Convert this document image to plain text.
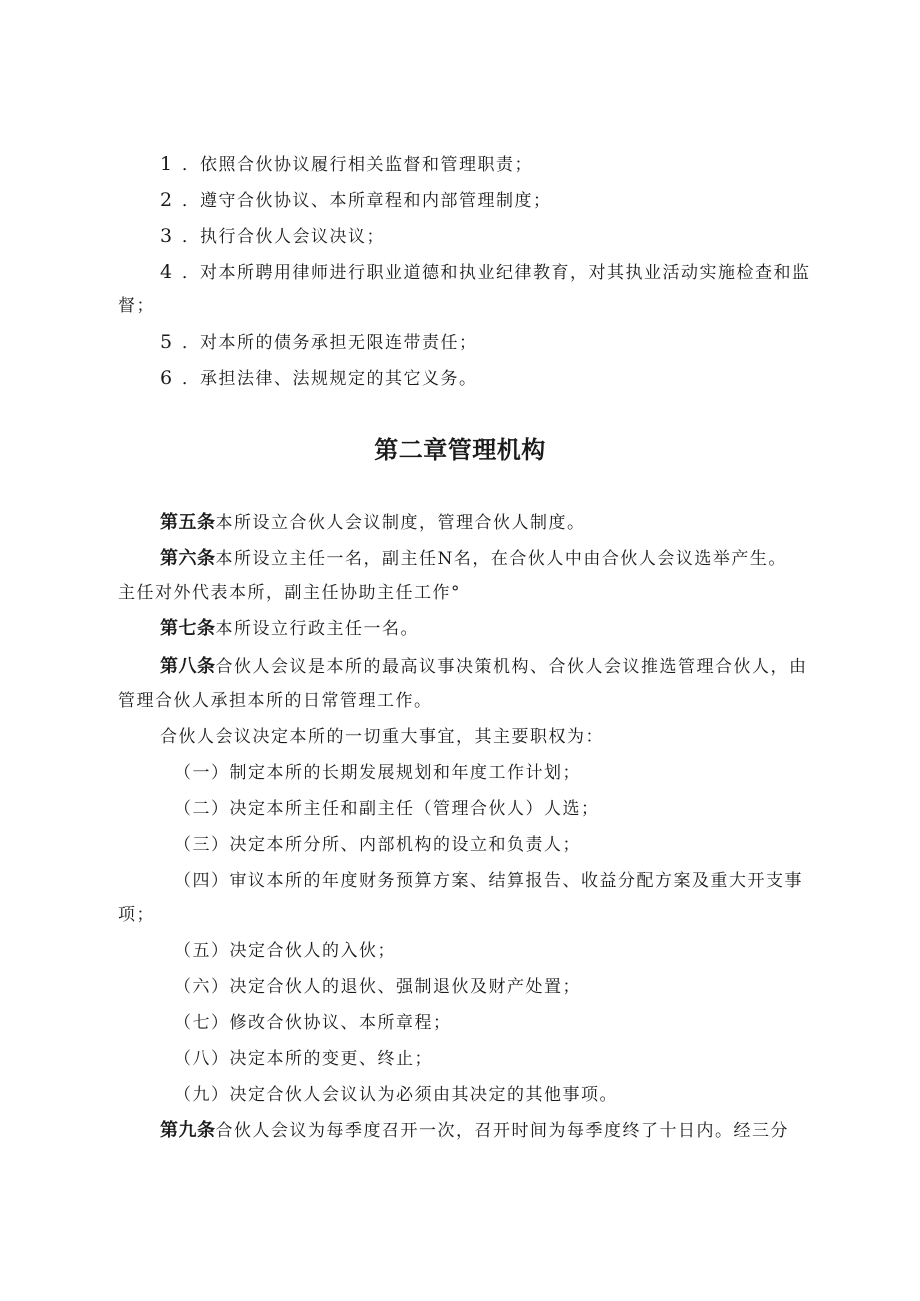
1 ．依照合伙协议履行相关监督和管理职责；
2 ．遵守合伙协议、本所章程和内部管理制度；
3 ．执行合伙人会议决议；
4 ．对本所聘用律师进行职业道德和执业纪律教育，对其执业活动实施检查和监
督；
5 ．对本所的债务承担无限连带责任；
6 ．承担法律、法规规定的其它义务。
第二章管理机构
第五条本所设立合伙人会议制度，管理合伙人制度。
第六条本所设立主任一名，副主任N名，在合伙人中由合伙人会议选举产生。
主任对外代表本所，副主任协助主任工作°
第七条本所设立行政主任一名。
第八条合伙人会议是本所的最高议事决策机构、合伙人会议推选管理合伙人，由
管理合伙人承担本所的日常管理工作。
合伙人会议决定本所的一切重大事宜，其主要职权为：
（一）制定本所的长期发展规划和年度工作计划；
（二）决定本所主任和副主任（管理合伙人）人选；
（三）决定本所分所、内部机构的设立和负责人；
（四）审议本所的年度财务预算方案、结算报告、收益分配方案及重大开支事
项；
（五）决定合伙人的入伙；
（六）决定合伙人的退伙、强制退伙及财产处置；
（七）修改合伙协议、本所章程；
（八）决定本所的变更、终止；
（九）决定合伙人会议认为必须由其决定的其他事项。
第九条合伙人会议为每季度召开一次，召开时间为每季度终了十日内。经三分
